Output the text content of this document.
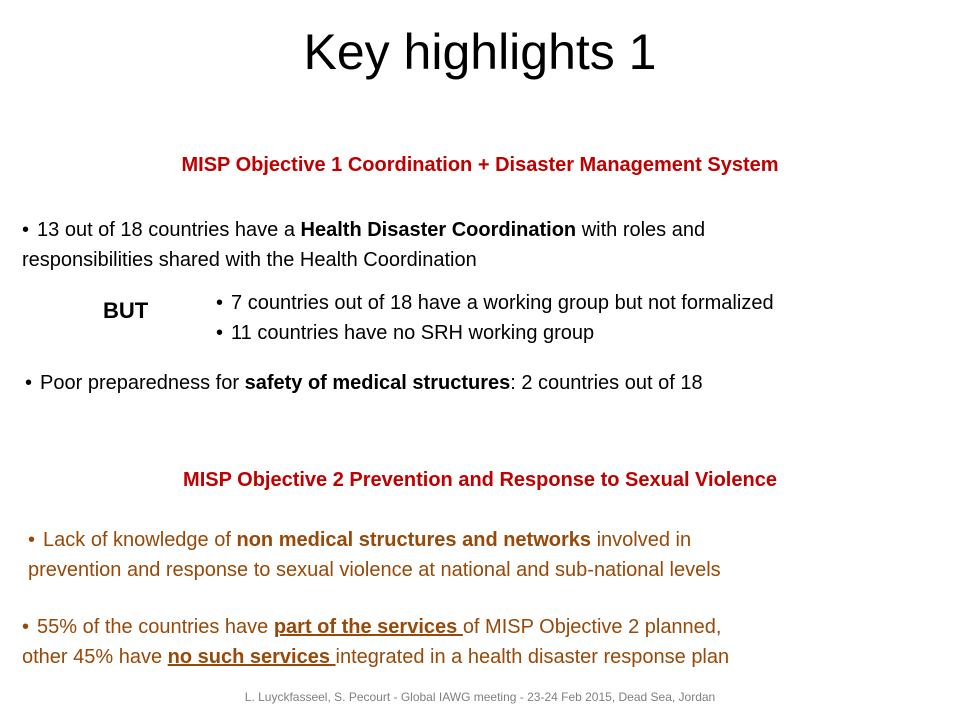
Key highlights 1
MISP Objective 1 Coordination + Disaster Management System
• 13 out of 18 countries have a Health Disaster Coordination with roles and
responsibilities shared with the Health Coordination
BUT	• 7 countries out of 18 have a working group but not formalized
• 11 countries have no SRH working group
• Poor preparedness for safety of medical structures: 2 countries out of 18
MISP Objective 2 Prevention and Response to Sexual Violence
• Lack of knowledge of non medical structures and networks involved in
prevention and response to sexual violence at national and sub-national levels
• 55% of the countries have part of the services of MISP Objective 2 planned,
other 45% have no such services integrated in a health disaster response plan
L. Luyckfasseel, S. Pecourt - Global IAWG meeting - 23-24 Feb 2015, Dead Sea, Jordan
